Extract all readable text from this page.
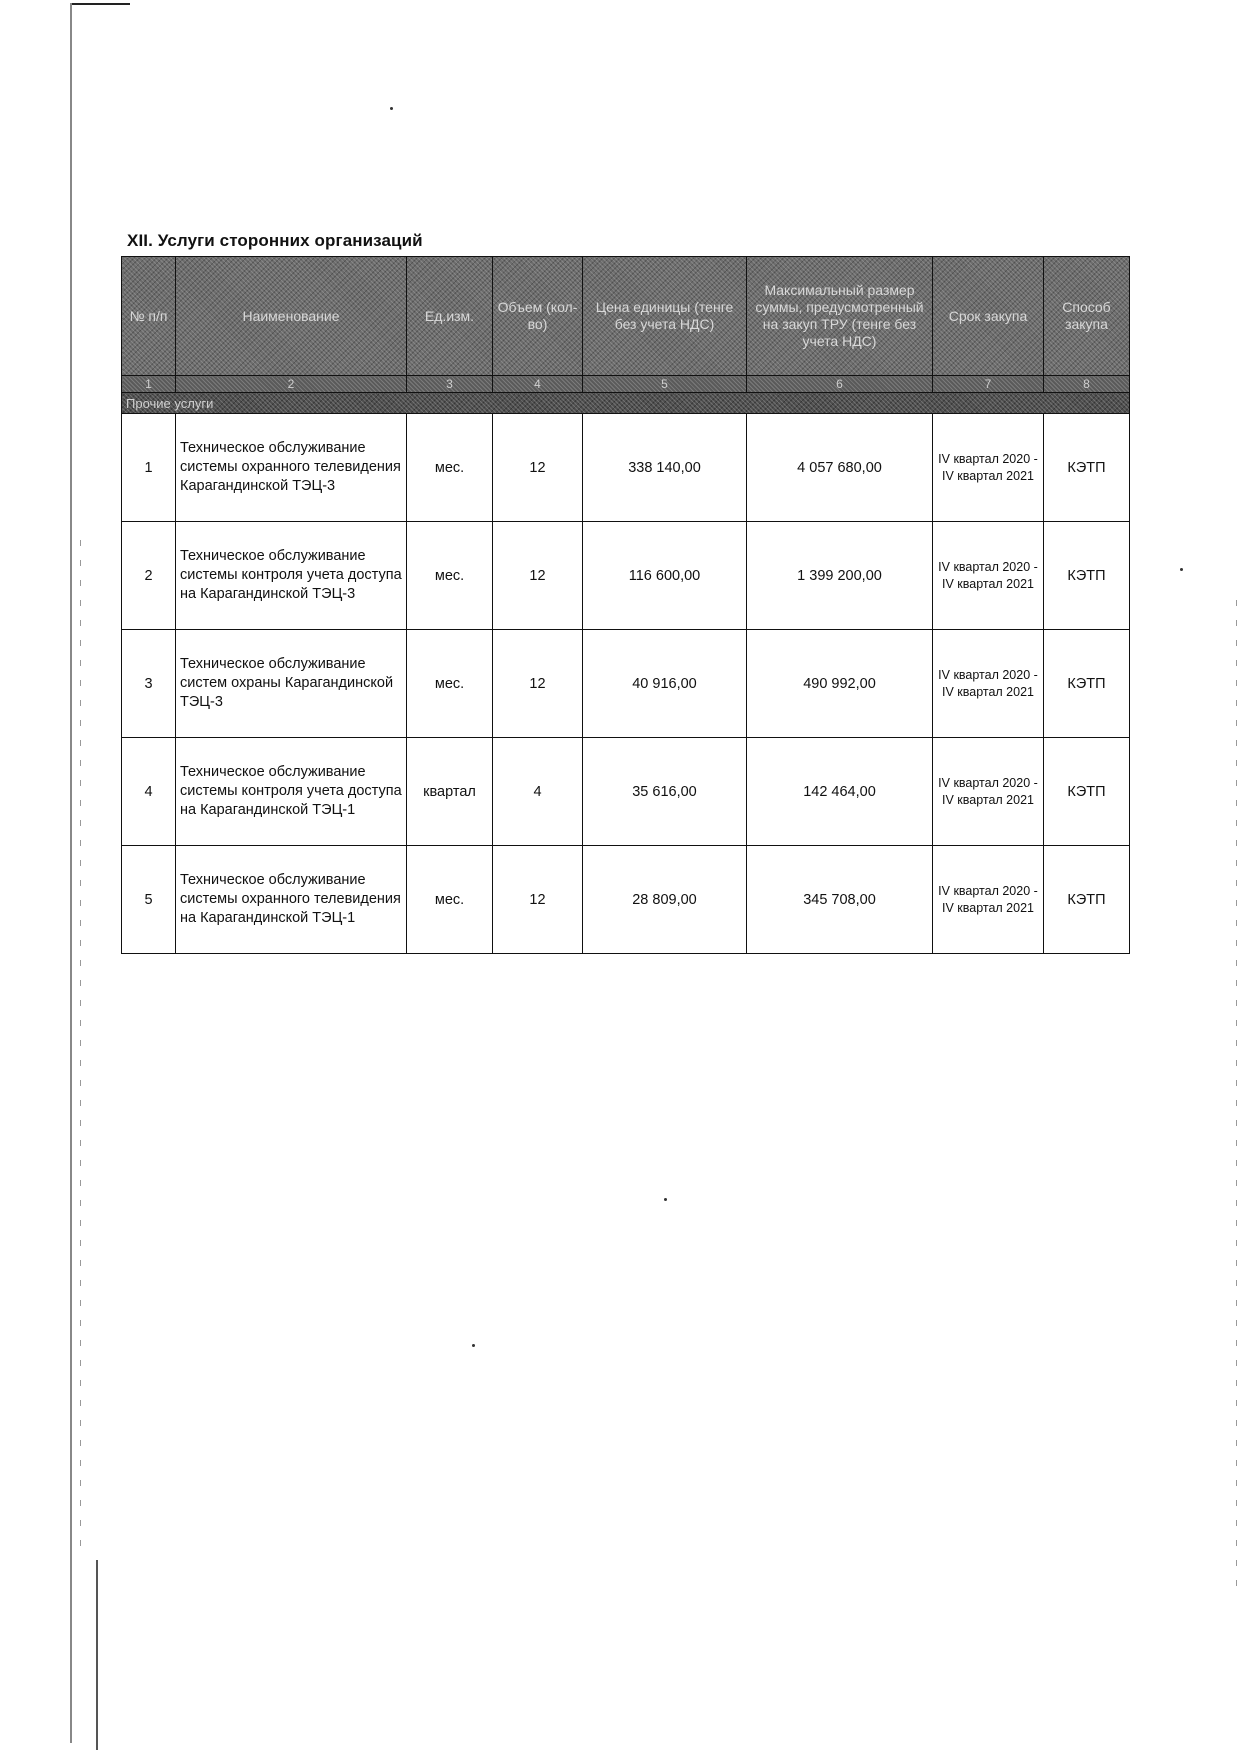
XII. Услуги сторонних организаций
№ п/п	Наименование	Ед.изм.	Объем (кол-во)	Цена единицы (тенге без учета НДС)	Максимальный размер суммы, предусмотренный на закуп ТРУ (тенге без учета НДС)	Срок закупа	Способ закупа
1	2	3	4	5	6	7	8
Прочие услуги							
1	Техническое обслуживание системы охранного телевидения Карагандинской ТЭЦ-3	мес.	12	338 140,00	4 057 680,00	IV квартал 2020 - IV квартал 2021	КЭТП
2	Техническое обслуживание системы контроля учета доступа на Карагандинской ТЭЦ-3	мес.	12	116 600,00	1 399 200,00	IV квартал 2020 - IV квартал 2021	КЭТП
3	Техническое обслуживание систем охраны Карагандинской ТЭЦ-3	мес.	12	40 916,00	490 992,00	IV квартал 2020 - IV квартал 2021	КЭТП
4	Техническое обслуживание системы контроля учета доступа на Карагандинской ТЭЦ-1	квартал	4	35 616,00	142 464,00	IV квартал 2020 - IV квартал 2021	КЭТП
5	Техническое обслуживание системы охранного телевидения на Карагандинской ТЭЦ-1	мес.	12	28 809,00	345 708,00	IV квартал 2020 - IV квартал 2021	КЭТП
